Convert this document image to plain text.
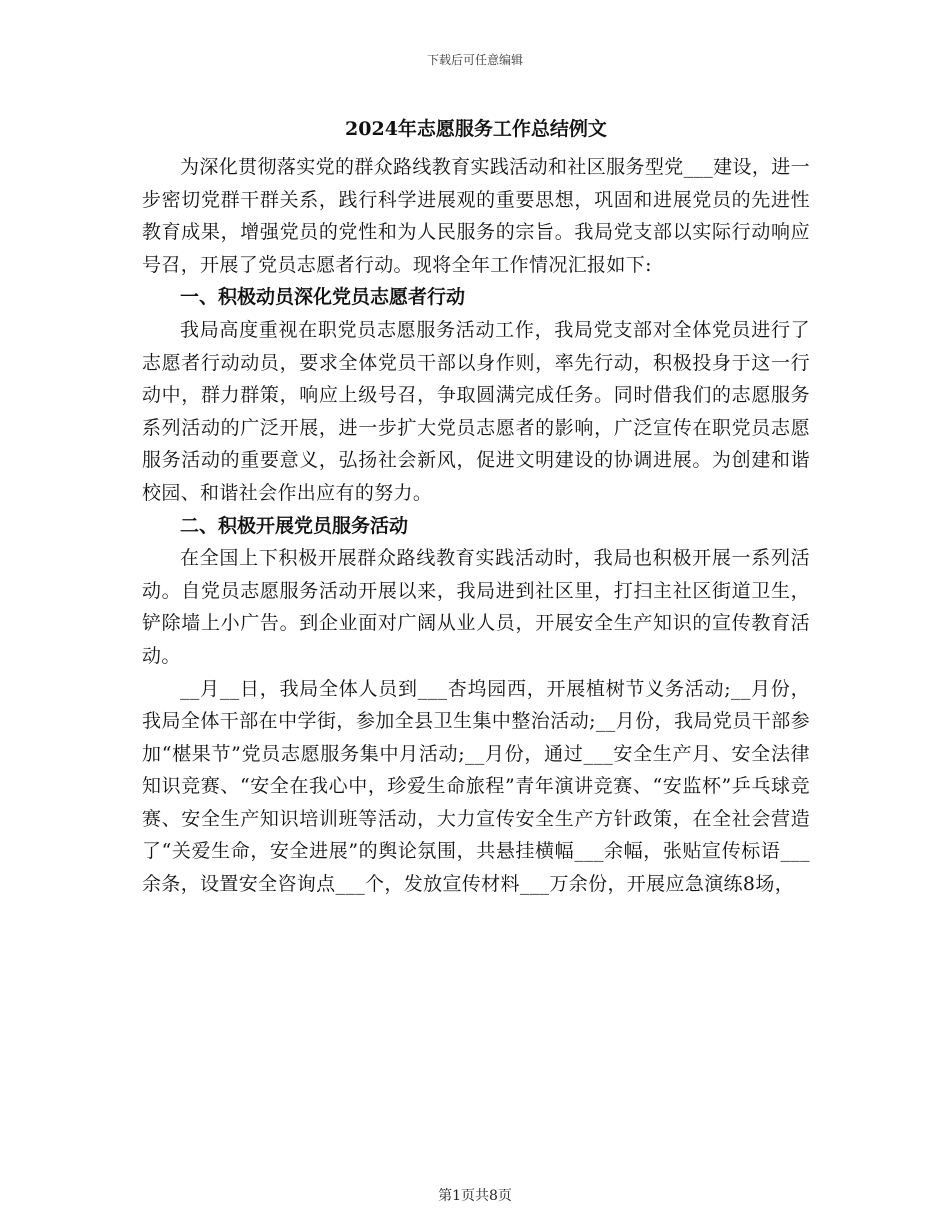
下载后可任意编辑
2024年志愿服务工作总结例文

为深化贯彻落实党的群众路线教育实践活动和社区服务型党___建设，进一步密切党群干群关系，践行科学进展观的重要思想，巩固和进展党员的先进性教育成果，增强党员的党性和为人民服务的宗旨。我局党支部以实际行动响应号召，开展了党员志愿者行动。现将全年工作情况汇报如下:

一、积极动员深化党员志愿者行动

我局高度重视在职党员志愿服务活动工作，我局党支部对全体党员进行了志愿者行动动员，要求全体党员干部以身作则，率先行动，积极投身于这一行动中，群力群策，响应上级号召，争取圆满完成任务。同时借我们的志愿服务系列活动的广泛开展，进一步扩大党员志愿者的影响，广泛宣传在职党员志愿服务活动的重要意义，弘扬社会新风，促进文明建设的协调进展。为创建和谐校园、和谐社会作出应有的努力。

二、积极开展党员服务活动

在全国上下积极开展群众路线教育实践活动时，我局也积极开展一系列活动。自党员志愿服务活动开展以来，我局进到社区里，打扫主社区街道卫生，铲除墙上小广告。到企业面对广阔从业人员，开展安全生产知识的宣传教育活动。

__月__日，我局全体人员到___杏坞园西，开展植树节义务活动;__月份，我局全体干部在中学街，参加全县卫生集中整治活动;__月份，我局党员干部参加“椹果节”党员志愿服务集中月活动;__月份，通过___安全生产月、安全法律知识竞赛、“安全在我心中，珍爱生命旅程”青年演讲竞赛、“安监杯”乒乓球竞赛、安全生产知识培训班等活动，大力宣传安全生产方针政策，在全社会营造了“关爱生命，安全进展”的舆论氛围，共悬挂横幅___余幅，张贴宣传标语___余条，设置安全咨询点___个，发放宣传材料___万余份，开展应急演练8场，

第1页共8页
